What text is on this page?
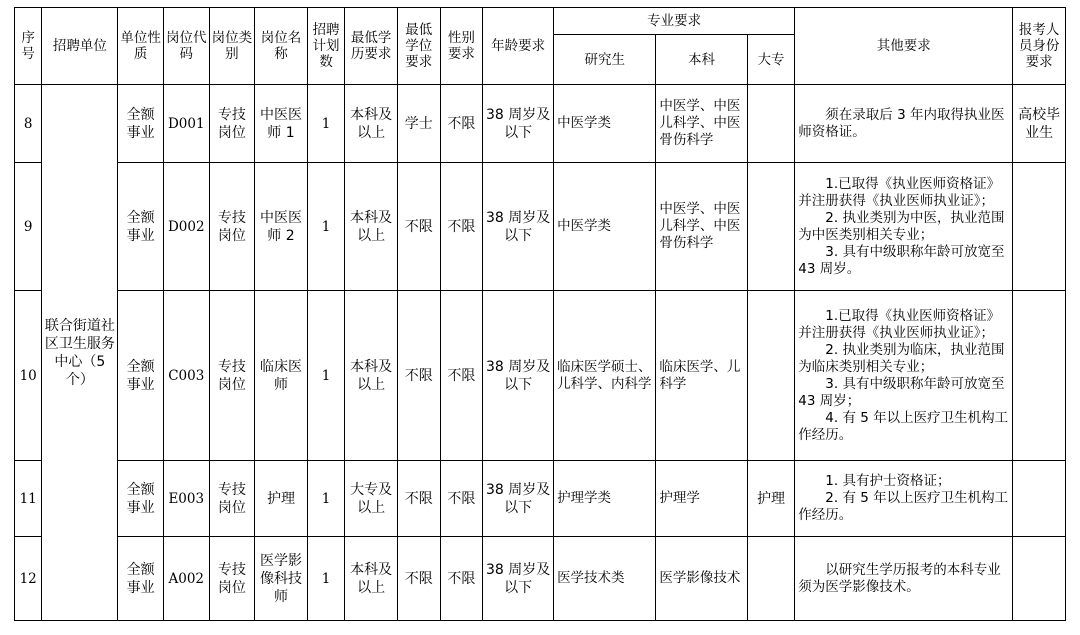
序号	招聘单位	单位性质	岗位代码	岗位类别	岗位名称	招聘计划数	最低学历要求	最低学位要求	性别要求	年龄要求	专业要求			其他要求	报考人员身份要求
											研究生	本科	大专		
8	联合街道社区卫生服务中心（5个）	全额事业	D001	专技岗位	中医医师 1	1	本科及以上	学士	不限	38 周岁及以下	中医学类	中医学、中医儿科学、中医骨伤科学		须在录取后 3 年内取得执业医师资格证。	高校毕业生
9		全额事业	D002	专技岗位	中医医师 2	1	本科及以上	不限	不限	38 周岁及以下	中医学类	中医学、中医儿科学、中医骨伤科学		1.已取得《执业医师资格证》并注册获得《执业医师执业证》；
2. 执业类别为中医，执业范围为中医类别相关专业；
3. 具有中级职称年龄可放宽至 43 周岁。	

10		全额事业	C003	专技岗位	临床医师	1	本科及以上	不限	不限	38 周岁及以下	临床医学硕士、儿科学、内科学	临床医学、儿科学		1.已取得《执业医师资格证》并注册获得《执业医师执业证》；
2. 执业类别为临床，执业范围为临床类别相关专业；
3. 具有中级职称年龄可放宽至 43 周岁；
4. 有 5 年以上医疗卫生机构工作经历。	

11		全额事业	E003	专技岗位	护理	1	大专及以上	不限	不限	38 周岁及以下	护理学类	护理学	护理	1. 具有护士资格证；
2. 有 5 年以上医疗卫生机构工作经历。	

12		全额事业	A002	专技岗位	医学影像科技师	1	本科及以上	不限	不限	38 周岁及以下	医学技术类	医学影像技术		以研究生学历报考的本科专业须为医学影像技术。	
